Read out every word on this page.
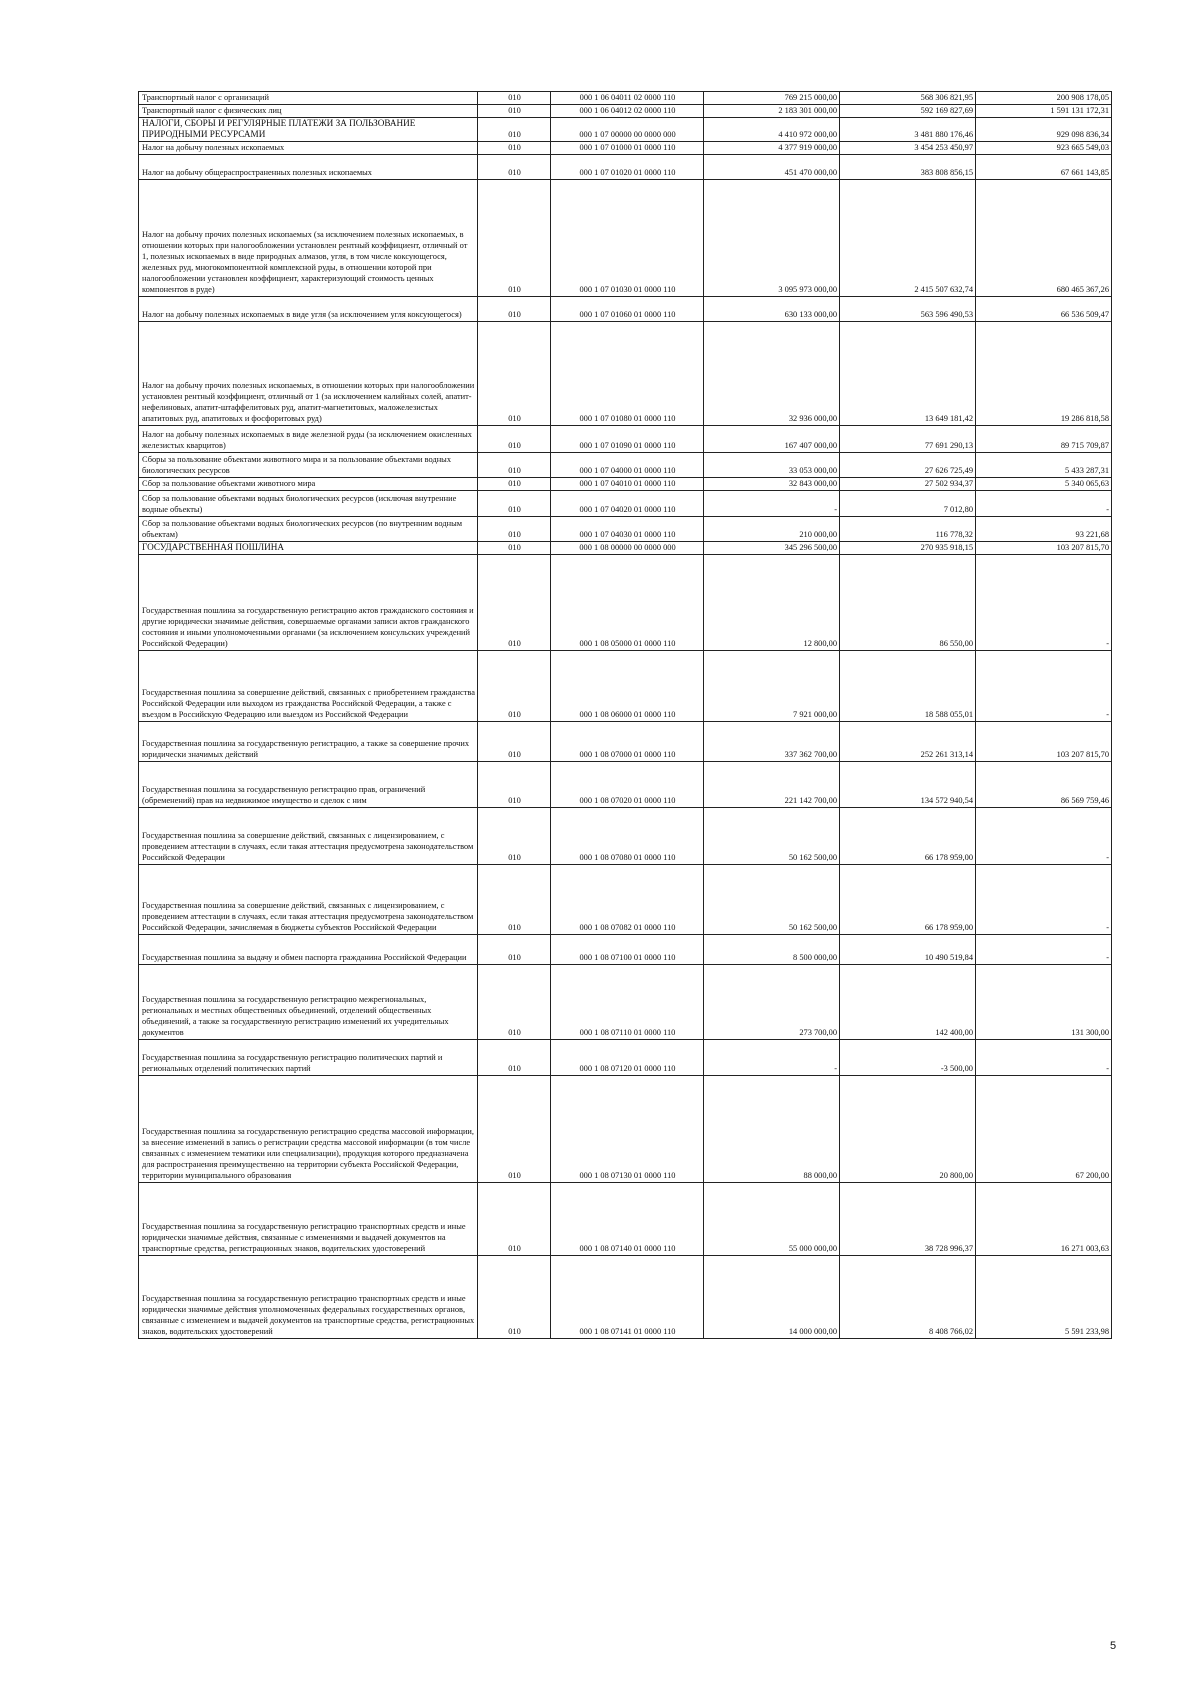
Транспортный налог с организаций	010	000 1 06 04011 02 0000 110	769 215 000,00	568 306 821,95	200 908 178,05
Транспортный налог с физических лиц	010	000 1 06 04012 02 0000 110	2 183 301 000,00	592 169 827,69	1 591 131 172,31
НАЛОГИ, СБОРЫ И РЕГУЛЯРНЫЕ ПЛАТЕЖИ ЗА ПОЛЬЗОВАНИЕ ПРИРОДНЫМИ РЕСУРСАМИ	010	000 1 07 00000 00 0000 000	4 410 972 000,00	3 481 880 176,46	929 098 836,34
Налог на добычу полезных ископаемых	010	000 1 07 01000 01 0000 110	4 377 919 000,00	3 454 253 450,97	923 665 549,03
Налог на добычу общераспространенных полезных ископаемых	010	000 1 07 01020 01 0000 110	451 470 000,00	383 808 856,15	67 661 143,85
Налог на добычу прочих полезных ископаемых (за исключением полезных ископаемых, в отношении которых при налогообложении установлен рентный коэффициент, отличный от 1, полезных ископаемых в виде природных алмазов, угля, в том числе коксующегося, железных руд, многокомпонентной комплексной руды, в отношении которой при налогообложении установлен коэффициент, характеризующий стоимость ценных компонентов в руде)	010	000 1 07 01030 01 0000 110	3 095 973 000,00	2 415 507 632,74	680 465 367,26
Налог на добычу полезных ископаемых в виде угля (за исключением угля коксующегося)	010	000 1 07 01060 01 0000 110	630 133 000,00	563 596 490,53	66 536 509,47
Налог на добычу прочих полезных ископаемых, в отношении которых при налогообложении установлен рентный коэффициент, отличный от 1 (за исключением калийных солей, апатит-нефелиновых, апатит-штаффелитовых руд, апатит-магнетитовых, маложелезистых апатитовых руд, апатитовых и фосфоритовых руд)	010	000 1 07 01080 01 0000 110	32 936 000,00	13 649 181,42	19 286 818,58
Налог на добычу полезных ископаемых в виде железной руды (за исключением окисленных железистых кварцитов)	010	000 1 07 01090 01 0000 110	167 407 000,00	77 691 290,13	89 715 709,87
Сборы за пользование объектами животного мира и за пользование объектами водных биологических ресурсов	010	000 1 07 04000 01 0000 110	33 053 000,00	27 626 725,49	5 433 287,31
Сбор за пользование объектами животного мира	010	000 1 07 04010 01 0000 110	32 843 000,00	27 502 934,37	5 340 065,63
Сбор за пользование объектами водных биологических ресурсов (исключая внутренние водные объекты)	010	000 1 07 04020 01 0000 110	-	7 012,80	-
Сбор за пользование объектами водных биологических ресурсов (по внутренним водным объектам)	010	000 1 07 04030 01 0000 110	210 000,00	116 778,32	93 221,68
ГОСУДАРСТВЕННАЯ ПОШЛИНА	010	000 1 08 00000 00 0000 000	345 296 500,00	270 935 918,15	103 207 815,70
Государственная пошлина за государственную регистрацию актов гражданского состояния и другие юридически значимые действия, совершаемые органами записи актов гражданского состояния и иными уполномоченными органами (за исключением консульских учреждений Российской Федерации)	010	000 1 08 05000 01 0000 110	12 800,00	86 550,00	-
Государственная пошлина за совершение действий, связанных с приобретением гражданства Российской Федерации или выходом из гражданства Российской Федерации, а также с въездом в Российскую Федерацию или выездом из Российской Федерации	010	000 1 08 06000 01 0000 110	7 921 000,00	18 588 055,01	-
Государственная пошлина за государственную регистрацию, а также за совершение прочих юридически значимых действий	010	000 1 08 07000 01 0000 110	337 362 700,00	252 261 313,14	103 207 815,70
Государственная пошлина за государственную регистрацию прав, ограничений (обременений) прав на недвижимое имущество и сделок с ним	010	000 1 08 07020 01 0000 110	221 142 700,00	134 572 940,54	86 569 759,46
Государственная пошлина за совершение действий, связанных с лицензированием, с проведением аттестации в случаях, если такая аттестация предусмотрена законодательством Российской Федерации	010	000 1 08 07080 01 0000 110	50 162 500,00	66 178 959,00	-
Государственная пошлина за совершение действий, связанных с лицензированием, с проведением аттестации в случаях, если такая аттестация предусмотрена законодательством Российской Федерации, зачисляемая в бюджеты субъектов Российской Федерации	010	000 1 08 07082 01 0000 110	50 162 500,00	66 178 959,00	-
Государственная пошлина за выдачу и обмен паспорта гражданина Российской Федерации	010	000 1 08 07100 01 0000 110	8 500 000,00	10 490 519,84	-
Государственная пошлина за государственную регистрацию межрегиональных, региональных и местных общественных объединений, отделений общественных объединений, а также за государственную регистрацию изменений их учредительных документов	010	000 1 08 07110 01 0000 110	273 700,00	142 400,00	131 300,00
Государственная пошлина за государственную регистрацию политических партий и региональных отделений политических партий	010	000 1 08 07120 01 0000 110	-	-3 500,00	-
Государственная пошлина за государственную регистрацию средства массовой информации, за внесение изменений в запись о регистрации средства массовой информации (в том числе связанных с изменением тематики или специализации), продукция которого предназначена для распространения преимущественно на территории субъекта Российской Федерации, территории муниципального образования	010	000 1 08 07130 01 0000 110	88 000,00	20 800,00	67 200,00
Государственная пошлина за государственную регистрацию транспортных средств и иные юридически значимые действия, связанные с изменениями и выдачей документов на транспортные средства, регистрационных знаков, водительских удостоверений	010	000 1 08 07140 01 0000 110	55 000 000,00	38 728 996,37	16 271 003,63
Государственная пошлина за государственную регистрацию транспортных средств и иные юридически значимые действия уполномоченных федеральных государственных органов, связанные с изменением и выдачей документов на транспортные средства, регистрационных знаков, водительских удостоверений	010	000 1 08 07141 01 0000 110	14 000 000,00	8 408 766,02	5 591 233,98
5
